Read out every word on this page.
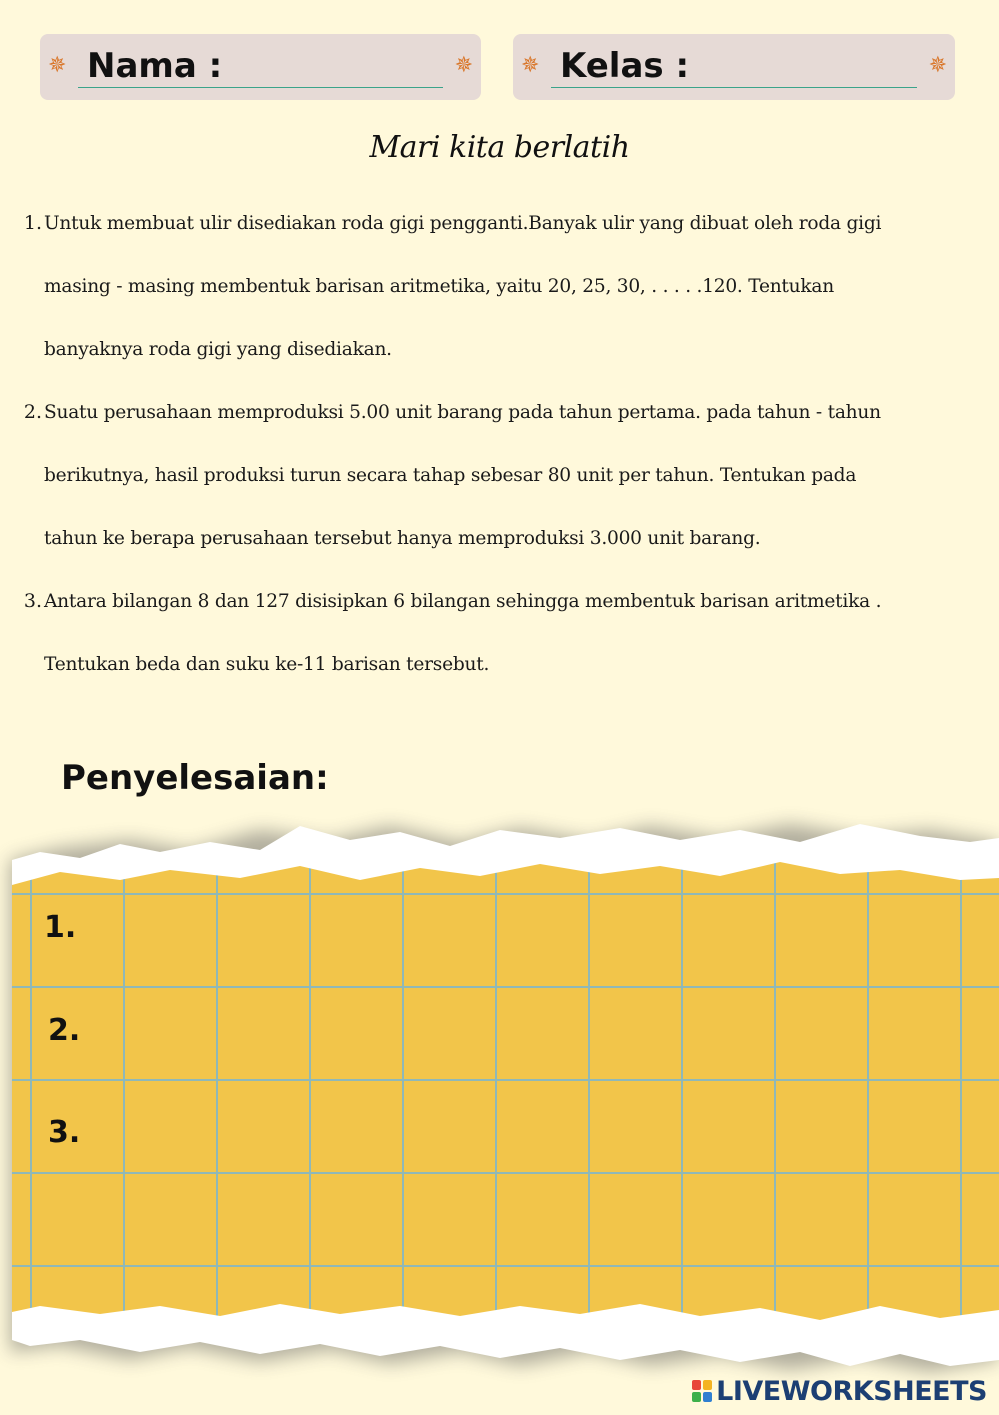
✵ Nama :	✵ ✵ Kelas :	✵
Mari kita berlatih
1. Untuk membuat ulir disediakan roda gigi pengganti.Banyak ulir yang dibuat oleh roda gigi
masing - masing membentuk barisan aritmetika, yaitu 20, 25, 30, . . . . .120. Tentukan
banyaknya roda gigi yang disediakan.
2. Suatu perusahaan memproduksi 5.00 unit barang pada tahun pertama. pada tahun - tahun
berikutnya, hasil produksi turun secara tahap sebesar 80 unit per tahun. Tentukan pada
tahun ke berapa perusahaan tersebut hanya memproduksi 3.000 unit barang.
3. Antara bilangan 8 dan 127 disisipkan 6 bilangan sehingga membentuk barisan aritmetika .
Tentukan beda dan suku ke-11 barisan tersebut.
Penyelesaian:
1.
2.
3.
LIVEWORKSHEETS
